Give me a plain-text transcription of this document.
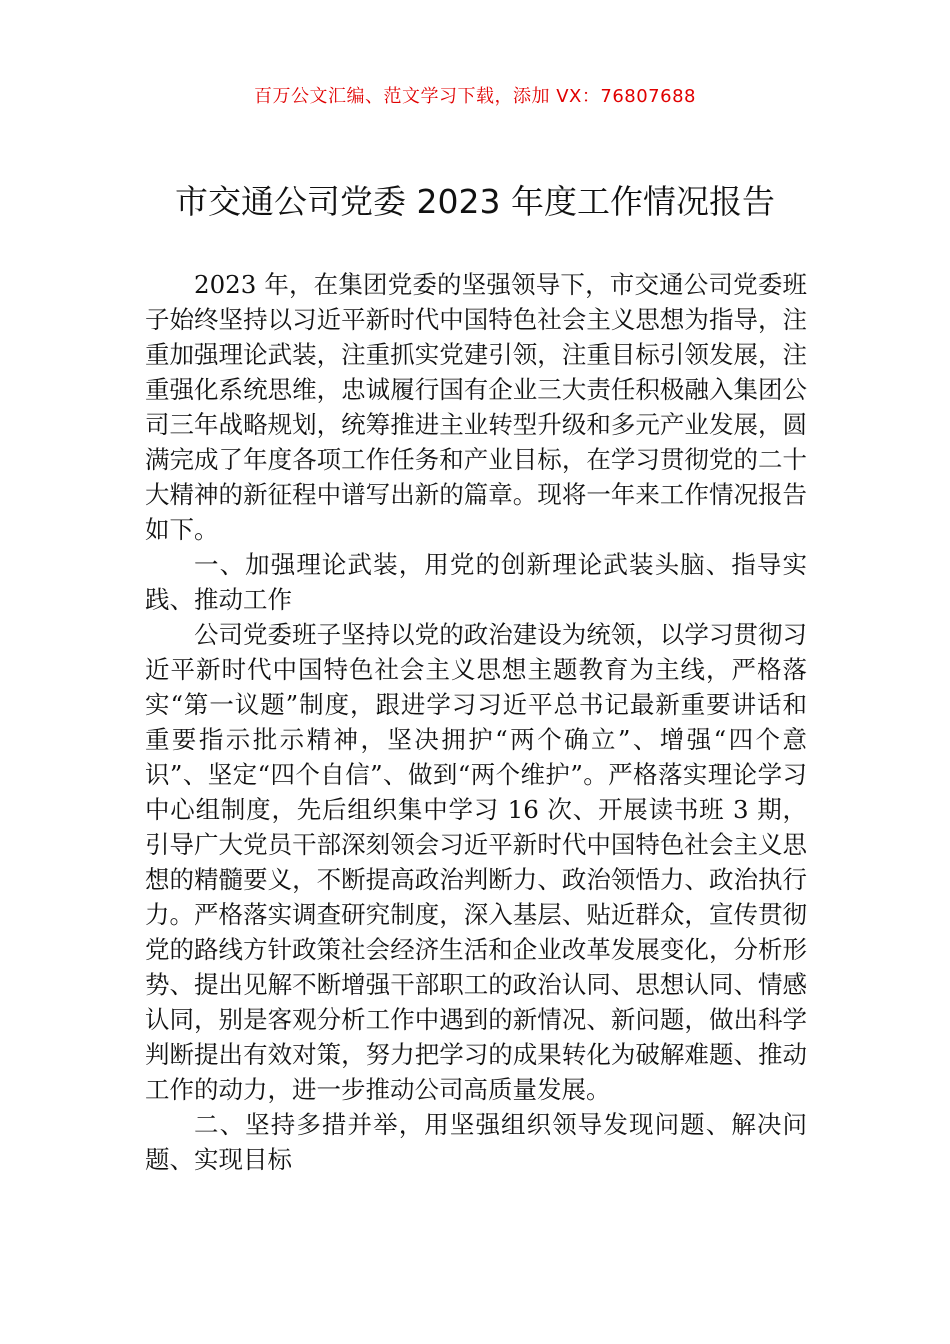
百万公文汇编、范文学习下载，添加 VX：76807688
市交通公司党委 2023 年度工作情况报告

2023 年，在集团党委的坚强领导下，市交通公司党委班子始终坚持以习近平新时代中国特色社会主义思想为指导，注重加强理论武装，注重抓实党建引领，注重目标引领发展，注重强化系统思维，忠诚履行国有企业三大责任积极融入集团公司三年战略规划，统筹推进主业转型升级和多元产业发展，圆满完成了年度各项工作任务和产业目标，在学习贯彻党的二十大精神的新征程中谱写出新的篇章。现将一年来工作情况报告如下。

一、加强理论武装，用党的创新理论武装头脑、指导实践、推动工作

公司党委班子坚持以党的政治建设为统领，以学习贯彻习近平新时代中国特色社会主义思想主题教育为主线，严格落实“第一议题”制度，跟进学习习近平总书记最新重要讲话和重要指示批示精神，坚决拥护“两个确立”、增强“四个意识”、坚定“四个自信”、做到“两个维护”。严格落实理论学习中心组制度，先后组织集中学习 16 次、开展读书班 3 期，引导广大党员干部深刻领会习近平新时代中国特色社会主义思想的精髓要义，不断提高政治判断力、政治领悟力、政治执行力。严格落实调查研究制度，深入基层、贴近群众，宣传贯彻党的路线方针政策社会经济生活和企业改革发展变化，分析形势、提出见解不断增强干部职工的政治认同、思想认同、情感认同，别是客观分析工作中遇到的新情况、新问题，做出科学判断提出有效对策，努力把学习的成果转化为破解难题、推动工作的动力，进一步推动公司高质量发展。

二、坚持多措并举，用坚强组织领导发现问题、解决问题、实现目标
